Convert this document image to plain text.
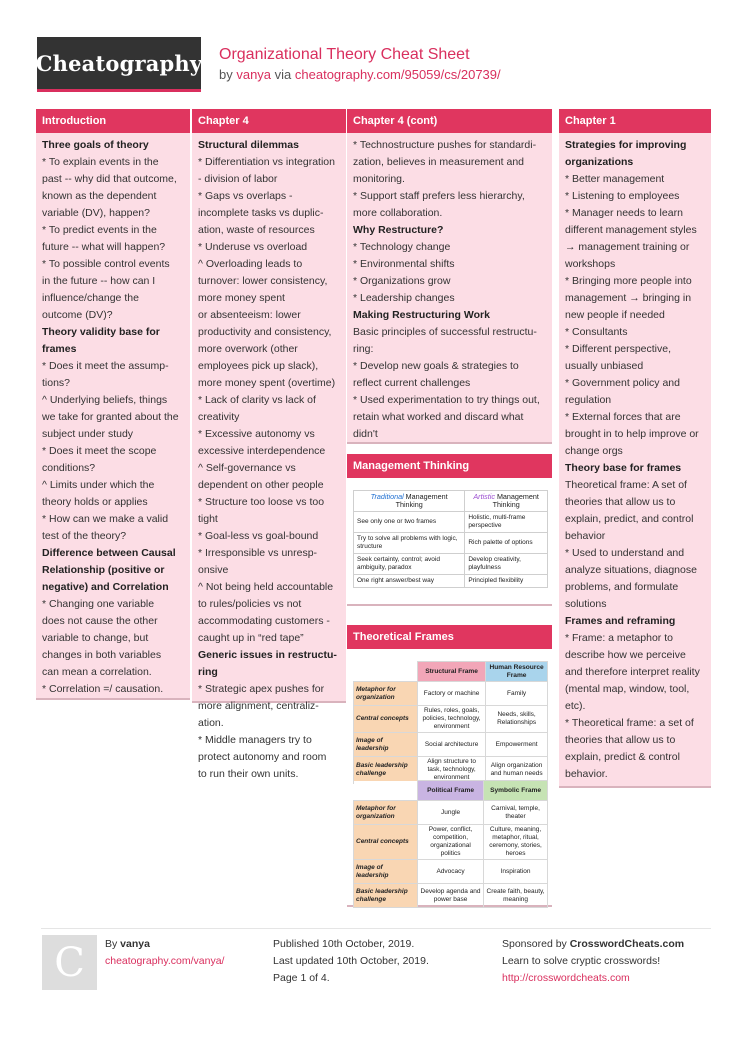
Cheatography Organizational Theory Cheat Sheet
by vanya via cheatography.com/95059/cs/20739/
Introduction
Three goals of theory
* To explain events in the
past -- why did that outcome,
known as the dependent
variable (DV), happen?
* To predict events in the
future -- what will happen?
* To possible control events
in the future -- how can I
influence/change the
outcome (DV)?
Theory validity base for
frames
* Does it meet the assump-
tions?
^ Underlying beliefs, things
we take for granted about the
subject under study
* Does it meet the scope
conditions?
^ Limits under which the
theory holds or applies
* How can we make a valid
test of the theory?
Difference between Causal
Relationship (positive or
negative) and Correlation
* Changing one variable
does not cause the other
variable to change, but
changes in both variables
can mean a correlation.
* Correlation =/ causation.
Chapter 4
Structural dilemmas
* Differentiation vs integration
- division of labor
* Gaps vs overlaps -
incomplete tasks vs duplic-
ation, waste of resources
* Underuse vs overload
^ Overloading leads to
turnover: lower consistency,
more money spent
or absenteeism: lower
productivity and consistency,
more overwork (other
employees pick up slack),
more money spent (overtime)
* Lack of clarity vs lack of
creativity
* Excessive autonomy vs
excessive interdependence
^ Self-governance vs
dependent on other people
* Structure too loose vs too
tight
* Goal-less vs goal-bound
* Irresponsible vs unresp-
onsive
^ Not being held accountable
to rules/policies vs not
accommodating customers -
caught up in “red tape”
Generic issues in restructu-
ring
* Strategic apex pushes for
more alignment, centraliz-
ation.
* Middle managers try to
protect autonomy and room
to run their own units.
Chapter 4 (cont)
* Technostructure pushes for standardi-
zation, believes in measurement and
monitoring.
* Support staff prefers less hierarchy,
more collaboration.
Why Restructure?
* Technology change
* Environmental shifts
* Organizations grow
* Leadership changes
Making Restructuring Work
Basic principles of successful restructu-
ring:
* Develop new goals & strategies to
reflect current challenges
* Used experimentation to try things out,
retain what worked and discard what
didn't
Chapter 1
Strategies for improving
organizations
* Better management
* Listening to employees
* Manager needs to learn
different management styles
→ management training or
workshops
* Bringing more people into
management → bringing in
new people if needed
* Consultants
* Different perspective,
usually unbiased
* Government policy and
regulation
* External forces that are
brought in to help improve or
change orgs
Theory base for frames
Theoretical frame: A set of
theories that allow us to
explain, predict, and control
behavior
* Used to understand and
analyze situations, diagnose
problems, and formulate
solutions
Frames and reframing
* Frame: a metaphor to
describe how we perceive
and therefore interpret reality
(mental map, window, tool,
etc).
* Theoretical frame: a set of
theories that allow us to
explain, predict & control
behavior.
Management Thinking
Traditional Management Thinking	Artistic Management Thinking
See only one or two frames	Holistic, multi-frame perspective
Try to solve all problems with logic, structure	Rich palette of options
Seek certainty, control; avoid ambiguity, paradox	Develop creativity, playfulness
One right answer/best way	Principled flexibility
Theoretical Frames
	Structural Frame	Human Resource Frame
Metaphor for organization	Factory or machine	Family
Central concepts	Rules, roles, goals, policies, technology, environment	Needs, skills, Relationships
Image of leadership	Social architecture	Empowerment
Basic leadership challenge	Align structure to task, technology, environment	Align organization and human needs
	Political Frame	Symbolic Frame
Metaphor for organization	Jungle	Carnival, temple, theater
Central concepts	Power, conflict, competition, organizational politics	Culture, meaning, metaphor, ritual, ceremony, stories, heroes
Image of leadership	Advocacy	Inspiration
Basic leadership challenge	Develop agenda and power base	Create faith, beauty, meaning
C By vanya
cheatography.com/vanya/
Published 10th October, 2019.
Last updated 10th October, 2019.
Page 1 of 4.
Sponsored by CrosswordCheats.com
Learn to solve cryptic crosswords!
http://crosswordcheats.com
